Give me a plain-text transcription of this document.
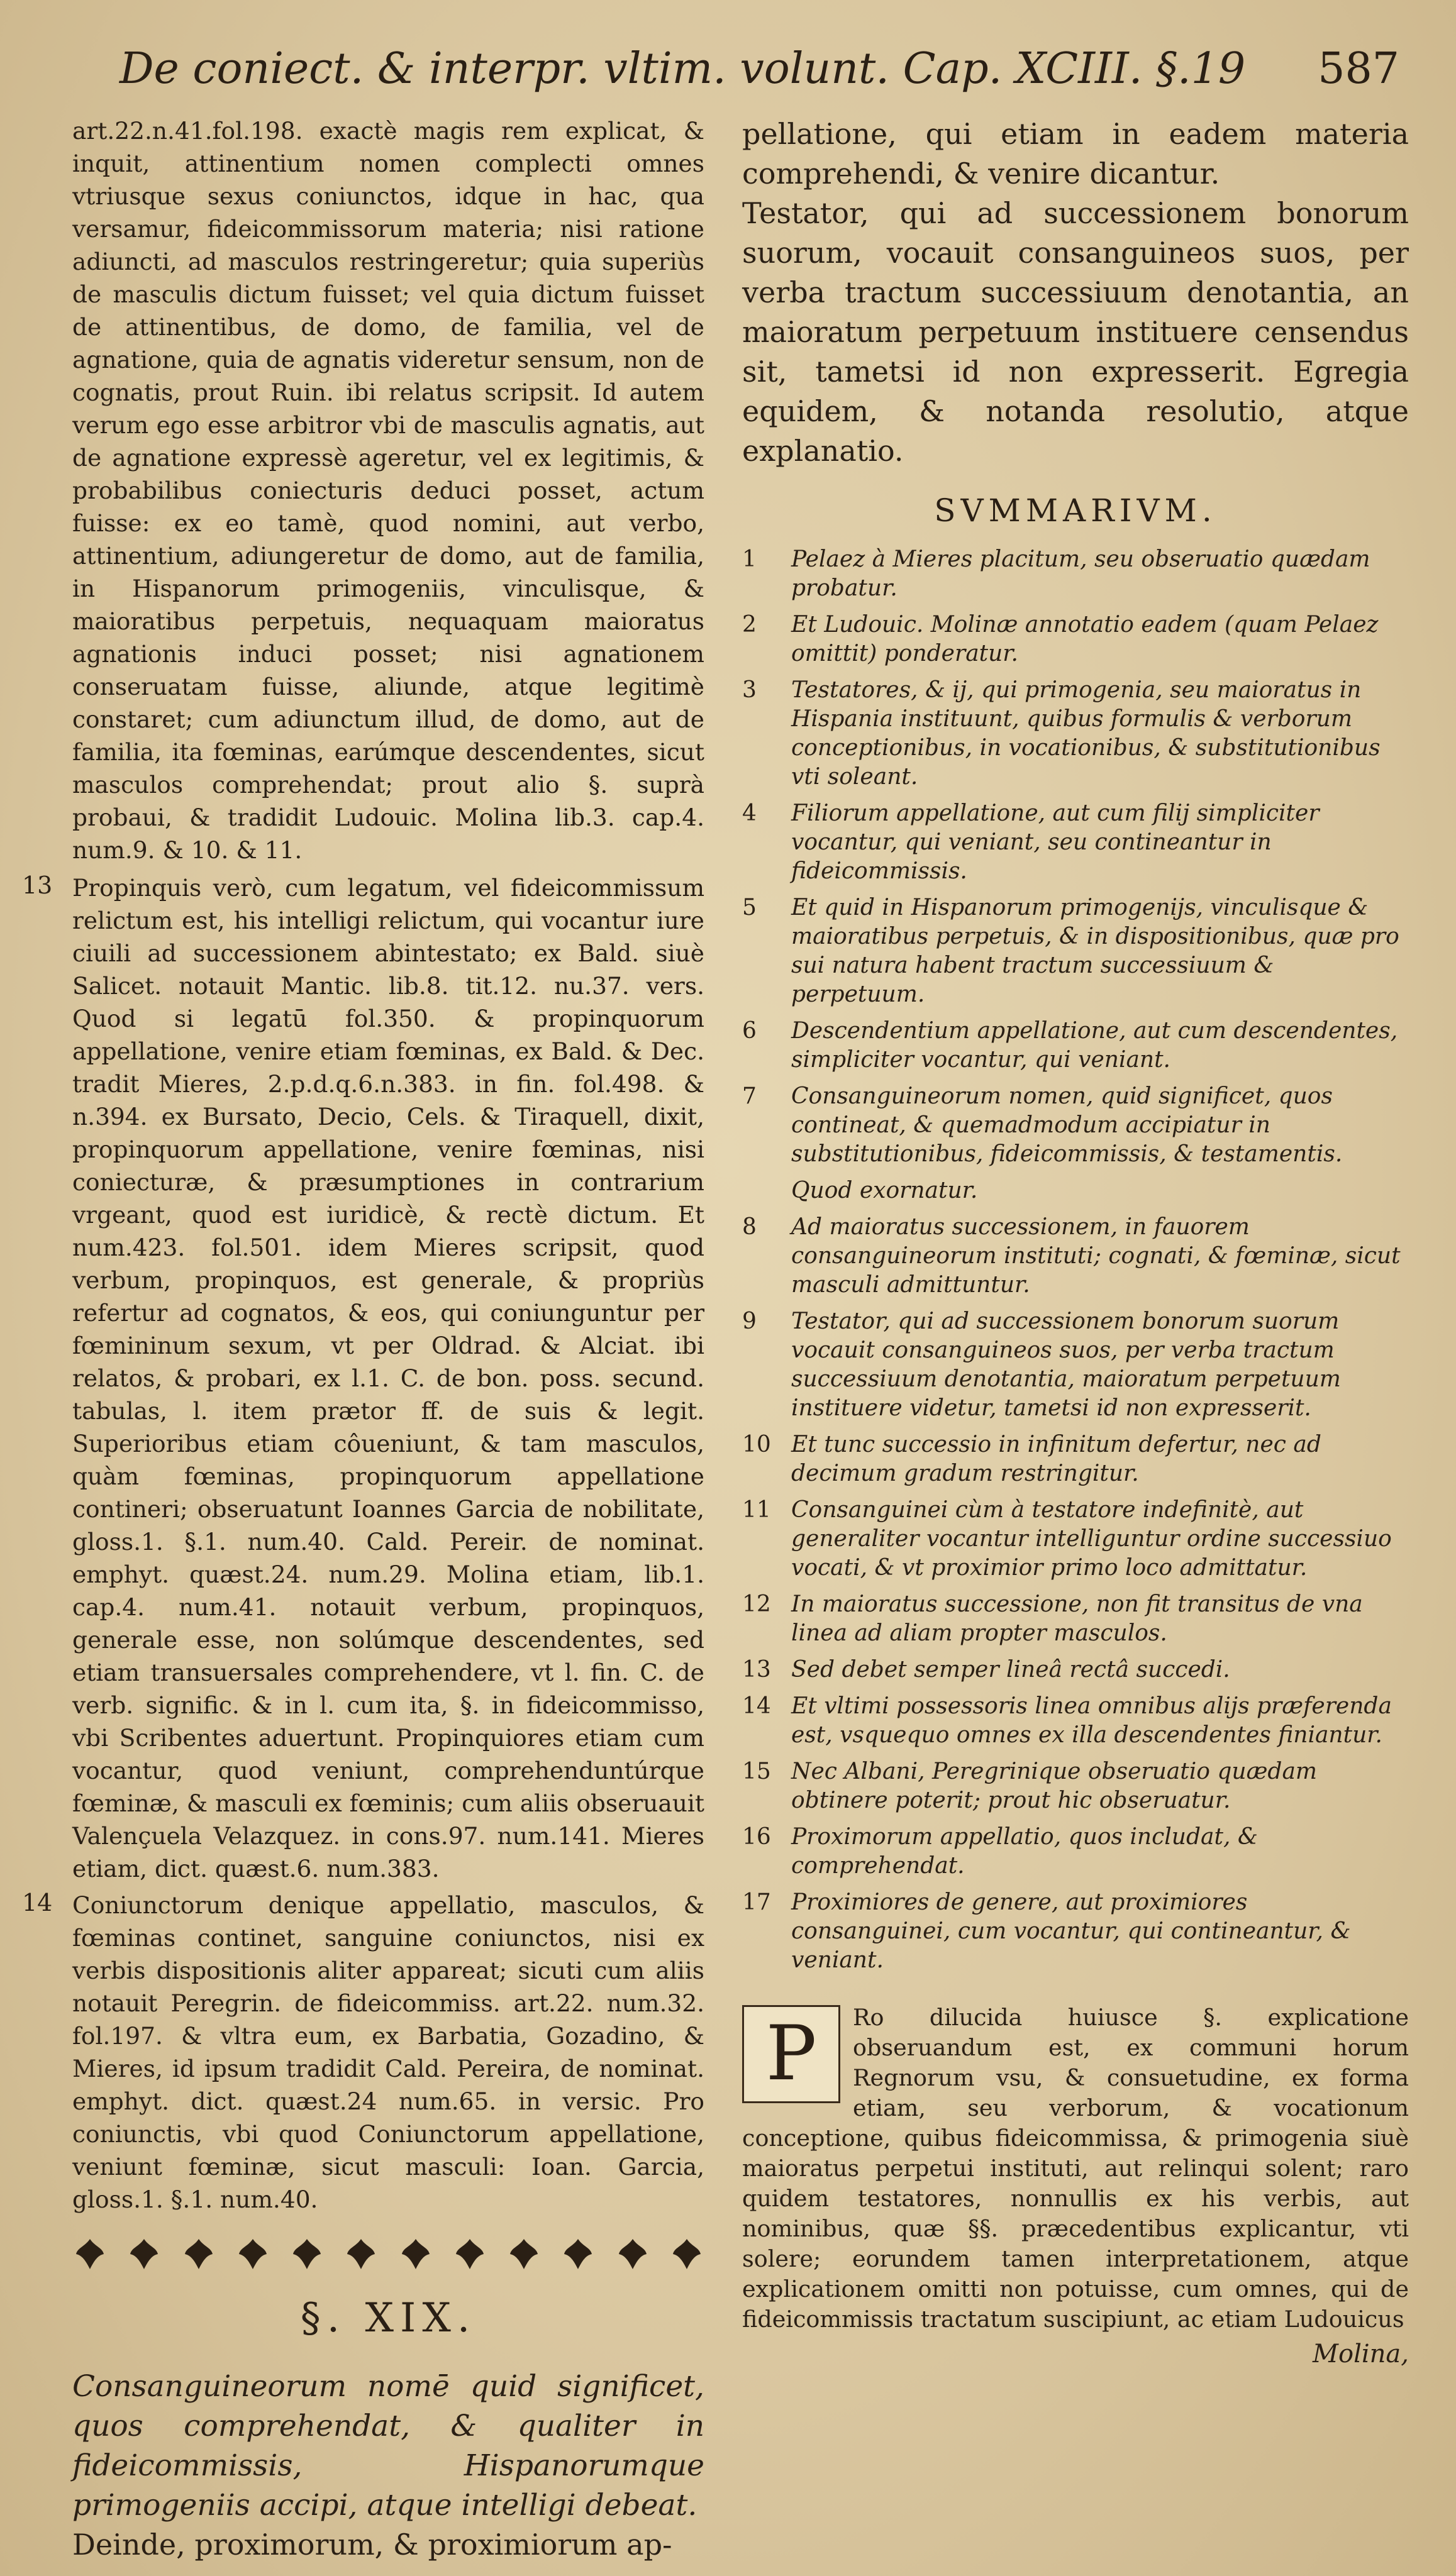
De coniect. & interpr. vltim. volunt. Cap. XCIII. §.19 587

art.22.n.41.fol.198. exactè magis rem explicat, & inquit, attinentium nomen complecti omnes vtriusque sexus coniunctos, idque in hac, qua versamur, fideicommissorum materia; nisi ratione adiuncti, ad masculos restringeretur; quia superiùs de masculis dictum fuisset; vel quia dictum fuisset de attinentibus, de domo, de familia, vel de agnatione, quia de agnatis videretur sensum, non de cognatis, prout Ruin. ibi relatus scripsit. Id autem verum ego esse arbitror vbi de masculis agnatis, aut de agnatione expressè ageretur, vel ex legitimis, & probabilibus coniecturis deduci posset, actum fuisse: ex eo tamè, quod nomini, aut verbo, attinentium, adiungeretur de domo, aut de familia, in Hispanorum primogeniis, vinculisque, & maioratibus perpetuis, nequaquam maioratus agnationis induci posset; nisi agnationem conseruatam fuisse, aliunde, atque legitimè constaret; cum adiunctum illud, de domo, aut de familia, ita fœminas, earúmque descendentes, sicut masculos comprehendat; prout alio §. suprà probaui, & tradidit Ludouic. Molina lib.3. cap.4. num.9. & 10. & 11.

13 Propinquis verò, cum legatum, vel fideicommissum relictum est, his intelligi relictum, qui vocantur iure ciuili ad successionem abintestato; ex Bald. siuè Salicet. notauit Mantic. lib.8. tit.12. nu.37. vers. Quod si legatū fol.350. & propinquorum appellatione, venire etiam fœminas, ex Bald. & Dec. tradit Mieres, 2.p.d.q.6.n.383. in fin. fol.498. & n.394. ex Bursato, Decio, Cels. & Tiraquell, dixit, propinquorum appellatione, venire fœminas, nisi coniecturæ, & præsumptiones in contrarium vrgeant, quod est iuridicè, & rectè dictum. Et num.423. fol.501. idem Mieres scripsit, quod verbum, propinquos, est generale, & propriùs refertur ad cognatos, & eos, qui coniunguntur per fœmininum sexum, vt per Oldrad. & Alciat. ibi relatos, & probari, ex l.1. C. de bon. poss. secund. tabulas, l. item prætor ff. de suis & legit. Superioribus etiam côueniunt, & tam masculos, quàm fœminas, propinquorum appellatione contineri; obseruatunt Ioannes Garcia de nobilitate, gloss.1. §.1. num.40. Cald. Pereir. de nominat. emphyt. quæst.24. num.29. Molina etiam, lib.1. cap.4. num.41. notauit verbum, propinquos, generale esse, non solúmque descendentes, sed etiam transuersales comprehendere, vt l. fin. C. de verb. signific. & in l. cum ita, §. in fideicommisso, vbi Scribentes aduertunt. Propinquiores etiam cum vocantur, quod veniunt, comprehenduntúrque fœminæ, & masculi ex fœminis; cum aliis obseruauit Valençuela Velazquez. in cons.97. num.141. Mieres etiam, dict. quæst.6. num.383.

14 Coniunctorum denique appellatio, masculos, & fœminas continet, sanguine coniunctos, nisi ex verbis dispositionis aliter appareat; sicuti cum aliis notauit Peregrin. de fideicommiss. art.22. num.32. fol.197. & vltra eum, ex Barbatia, Gozadino, & Mieres, id ipsum tradidit Cald. Pereira, de nominat. emphyt. dict. quæst.24 num.65. in versic. Pro coniunctis, vbi quod Coniunctorum appellatione, veniunt fœminæ, sicut masculi: Ioan. Garcia, gloss.1. §.1. num.40.

§. XIX.

Consanguineorum nomē quid significet, quos comprehendat, & qualiter in fideicommissis, Hispanorumque primogeniis accipi, atque intelligi debeat.

Deinde, proximorum, & proximiorum ap-

pellatione, qui etiam in eadem materia comprehendi, & venire dicantur.

Testator, qui ad successionem bonorum suorum, vocauit consanguineos suos, per verba tractum successiuum denotantia, an maioratum perpetuum instituere censendus sit, tametsi id non expresserit. Egregia equidem, & notanda resolutio, atque explanatio.

SVMMARIVM.
1 Pelaez à Mieres placitum, seu obseruatio quædam probatur.
2 Et Ludouic. Molinæ annotatio eadem (quam Pelaez omittit) ponderatur.
3 Testatores, & ij, qui primogenia, seu maioratus in Hispania instituunt, quibus formulis & verborum conceptionibus, in vocationibus, & substitutionibus vti soleant.
4 Filiorum appellatione, aut cum filij simpliciter vocantur, qui veniant, seu contineantur in fideicommissis.
5 Et quid in Hispanorum primogenijs, vinculisque & maioratibus perpetuis, & in dispositionibus, quæ pro sui natura habent tractum successiuum & perpetuum.
6 Descendentium appellatione, aut cum descendentes, simpliciter vocantur, qui veniant.
7 Consanguineorum nomen, quid significet, quos contineat, & quemadmodum accipiatur in substitutionibus, fideicommissis, & testamentis.
Quod exornatur.
8 Ad maioratus successionem, in fauorem consanguineorum instituti; cognati, & fœminæ, sicut masculi admittuntur.
9 Testator, qui ad successionem bonorum suorum vocauit consanguineos suos, per verba tractum successiuum denotantia, maioratum perpetuum instituere videtur, tametsi id non expresserit.
10 Et tunc successio in infinitum defertur, nec ad decimum gradum restringitur.
11 Consanguinei cùm à testatore indefinitè, aut generaliter vocantur intelliguntur ordine successiuo vocati, & vt proximior primo loco admittatur.
12 In maioratus successione, non fit transitus de vna linea ad aliam propter masculos.
13 Sed debet semper lineâ rectâ succedi.
14 Et vltimi possessoris linea omnibus alijs præferenda est, vsquequo omnes ex illa descendentes finiantur.
15 Nec Albani, Peregrinique obseruatio quædam obtinere poterit; prout hic obseruatur.
16 Proximorum appellatio, quos includat, & comprehendat.
17 Proximiores de genere, aut proximiores consanguinei, cum vocantur, qui contineantur, & veniant.
P	Ro dilucida huiusce §. explicatione obseruandum est, ex communi horum Regnorum vsu, & consuetudine, ex forma etiam, seu verborum, & vocationum conceptione, quibus fideicommissa, & primogenia siuè maioratus perpetui instituti, aut relinqui solent; raro quidem testatores, nonnullis ex his verbis, aut nominibus, quæ §§. præcedentibus explicantur, vti solere; eorundem tamen interpretationem, atque explicationem omitti non potuisse, cum omnes, qui de fideicommissis tractatum suscipiunt, ac etiam Ludouicus
Molina,
